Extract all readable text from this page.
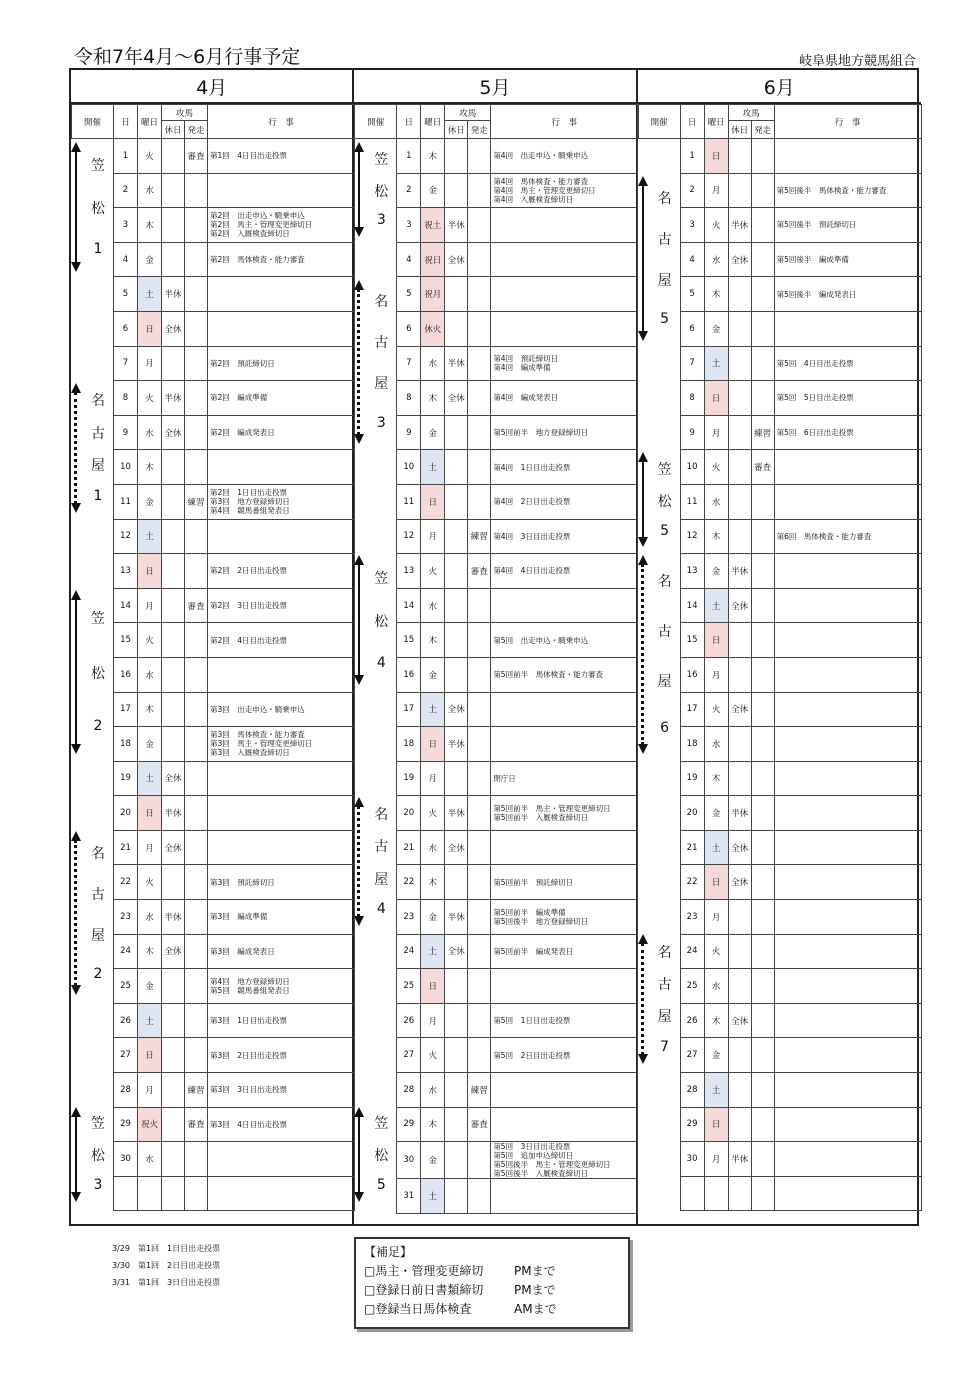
令和7年4月～6月行事予定	岐阜県地方競馬組合
4月
開催	日	曜日	攻馬		行　事
			休日	発走	
	1	火		審査	第1回　4日目出走投票
	2	水			
	3	木			第2回　出走申込・騎乗申込
第2回　馬主・管理変更締切日
第2回　入厩検査締切日
	4	金			第2回　馬体検査・能力審査
	5	土	半休		
	6	日	全休		
	7	月			第2回　預託締切日
	8	火	半休		第2回　編成準備
	9	水	全休		第2回　編成発表日
	10	木			
	11	金		練習	第2回　1日目出走投票
第3回　地方登録締切日
第4回　競馬番組発表日
	12	土			
	13	日			第2回　2日目出走投票
	14	月		審査	第2回　3日目出走投票
	15	火			第2回　4日目出走投票
	16	水			
	17	木			第3回　出走申込・騎乗申込
	18	金			第3回　馬体検査・能力審査
第3回　馬主・管理変更締切日
第3回　入厩検査締切日
	19	土	全休		
	20	日	半休		
	21	月	全休		
	22	火			第3回　預託締切日
	23	水	半休		第3回　編成準備
	24	木	全休		第3回　編成発表日
	25	金			第4回　地方登録締切日
第5回　競馬番組発表日
	26	土			第3回　1日目出走投票
	27	日			第3回　2日目出走投票
	28	月		練習	第3回　3日目出走投票
	29	祝火		審査	第3回　4日目出走投票
	30	水			

笠
松
1
名
古
屋
1
笠
松
2
名
古
屋
2
笠
松
3
5月
開催	日	曜日	攻馬		行　事
			休日	発走	
	1	木			第4回　出走申込・騎乗申込
	2	金			第4回　馬体検査・能力審査
第4回　馬主・管理変更締切日
第4回　入厩検査締切日
	3	祝土	半休		
	4	祝日	全休		
	5	祝月			
	6	休火			
	7	水	半休		第4回　預託締切日
第4回　編成準備
	8	木	全休		第4回　編成発表日
	9	金			第5回前半　地方登録締切日
	10	土			第4回　1日目出走投票
	11	日			第4回　2日目出走投票
	12	月		練習	第4回　3日目出走投票
	13	火		審査	第4回　4日目出走投票
	14	水			
	15	木			第5回　出走申込・騎乗申込
	16	金			第5回前半　馬体検査・能力審査
	17	土	全休		
	18	日	半休		
	19	月			閉庁日
	20	火	半休		第5回前半　馬主・管理変更締切日
第5回前半　入厩検査締切日
	21	水	全休		
	22	木			第5回前半　預託締切日
	23	金	半休		第5回前半　編成準備
第5回後半　地方登録締切日
	24	土	全休		第5回前半　編成発表日
	25	日			
	26	月			第5回　1日目出走投票
	27	火			第5回　2日目出走投票
	28	水		練習	
	29	木		審査	
	30	金			第5回　3日目出走投票
第5回　追加申込締切日
第5回後半　馬主・管理変更締切日
第5回後半　入厩検査締切日
	31	土			
笠
松
3
名
古
屋
3
笠
松
4
名
古
屋
4
笠
松
5
6月
開催	日	曜日	攻馬		行　事
			休日	発走	
	1	日			
	2	月			第5回後半　馬体検査・能力審査
	3	火	半休		第5回後半　預託締切日
	4	水	全休		第5回後半　編成準備
	5	木			第5回後半　編成発表日
	6	金			
	7	土			第5回　4日目出走投票
	8	日			第5回　5日目出走投票
	9	月		練習	第5回　6日目出走投票
	10	火		審査	
	11	水			
	12	木			第6回　馬体検査・能力審査
	13	金	半休		
	14	土	全休		
	15	日			
	16	月			
	17	火	全休		
	18	水			
	19	木			
	20	金	半休		
	21	土	全休		
	22	日	全休		
	23	月			
	24	火			
	25	水			
	26	木	全休		
	27	金			
	28	土			
	29	日			
	30	月	半休		

名
古
屋
5
笠
松
5
名
古
屋
6
名
古
屋
7
3/29　第1回　1日目出走投票
3/30　第1回　2日目出走投票
3/31　第1回　3日目出走投票
【補足】
□馬主・管理変更締切	PMまで
□登録日前日書類締切	PMまで
□登録当日馬体検査	AMまで
